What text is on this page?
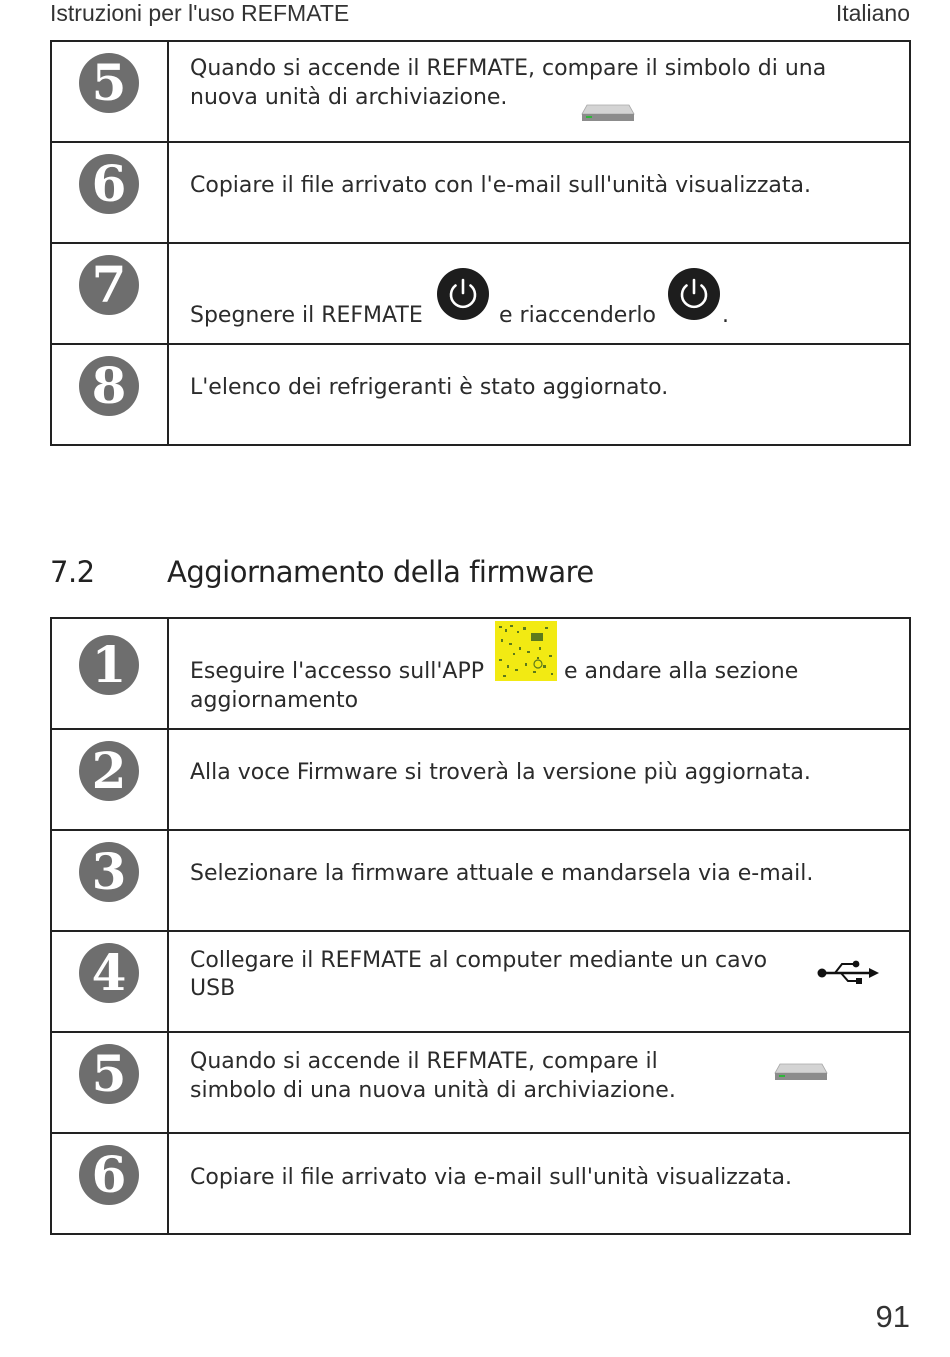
Istruzioni per l'uso REFMATE	Italiano
5	Quando si accende il REFMATE, compare il simbolo di una
nuova unità di archiviazione.

6	Copiare il file arrivato con l'e-mail sull'unità visualizzata.

7	Spegnere il REFMATE e riaccenderlo .

8	L'elenco dei refrigeranti è stato aggiornato.
7.2 Aggiornamento della firmware
1	Eseguire l'accesso sull'APP e andare alla sezione
aggiornamento

2	Alla voce Firmware si troverà la versione più aggiornata.

3	Selezionare la firmware attuale e mandarsela via e-mail.

4	Collegare il REFMATE al computer mediante un cavo
USB

5	Quando si accende il REFMATE, compare il
simbolo di una nuova unità di archiviazione.

6	Copiare il file arrivato via e-mail sull'unità visualizzata.
91
